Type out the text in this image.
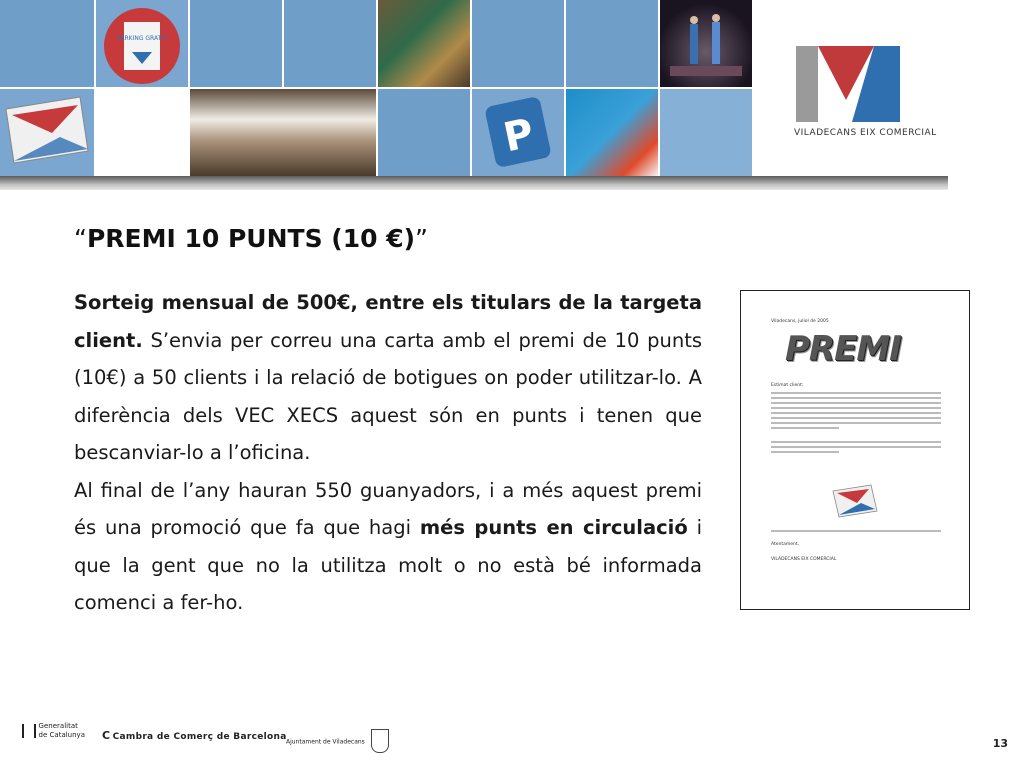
PARKING GRATIS
P	VILADECANS EIX COMERCIAL
“PREMI 10 PUNTS (10 €)”

Sorteig mensual de 500€, entre els titulars de la targeta client. S’envia per correu una carta amb el premi de 10 punts (10€) a 50 clients i la relació de botigues on poder utilitzar-lo. A diferència dels VEC XECS aquest són en punts i tenen que bescanviar-lo a l’oficina.

Al final de l’any hauran 550 guanyadors, i a més aquest premi és una promoció que fa que hagi més punts en circulació i que la gent que no la utilitza molt o no està bé informada comenci a fer-ho.

Viladecans, juliol de 2005
PREMI
Estimat client:
Atentament,
VILADECANS EIX COMERCIAL
Generalitat de Catalunya	C Cambra de Comerç de Barcelona Ajuntament de Viladecans	13
